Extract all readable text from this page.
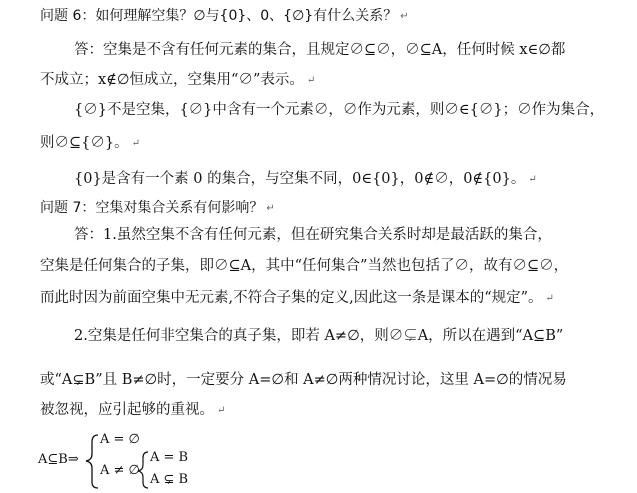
问题 6：如何理解空集？∅与{0}、0、{∅}有什么关系？ ↵
答：空集是不含有任何元素的集合，且规定∅⊆∅，∅⊆A，任何时候 x∈∅都
不成立；x∉∅恒成立，空集用“∅”表示。 ↵
{∅}不是空集，{∅}中含有一个元素∅，∅作为元素，则∅∈{∅}；∅作为集合，
则∅⊆{∅}。 ↵
{0}是含有一个素 0 的集合，与空集不同，0∈{0}，0∉∅，0∉{0}。 ↵
问题 7：空集对集合关系有何影响？ ↵
答：1.虽然空集不含有任何元素，但在研究集合关系时却是最活跃的集合，
空集是任何集合的子集，即∅⊆A，其中“任何集合”当然也包括了∅，故有∅⊆∅，
而此时因为前面空集中无元素,不符合子集的定义,因此这一条是课本的“规定”。 ↵
2.空集是任何非空集合的真子集，即若 A≠∅，则∅⊊A，所以在遇到“A⊆B”
或“A⊊B”且 B≠∅时，一定要分 A=∅和 A≠∅两种情况讨论，这里 A=∅的情况易
被忽视，应引起够的重视。 ↵
A⊆B⇒
A = ∅
A ≠ ∅
A = B
A ⊊ B
